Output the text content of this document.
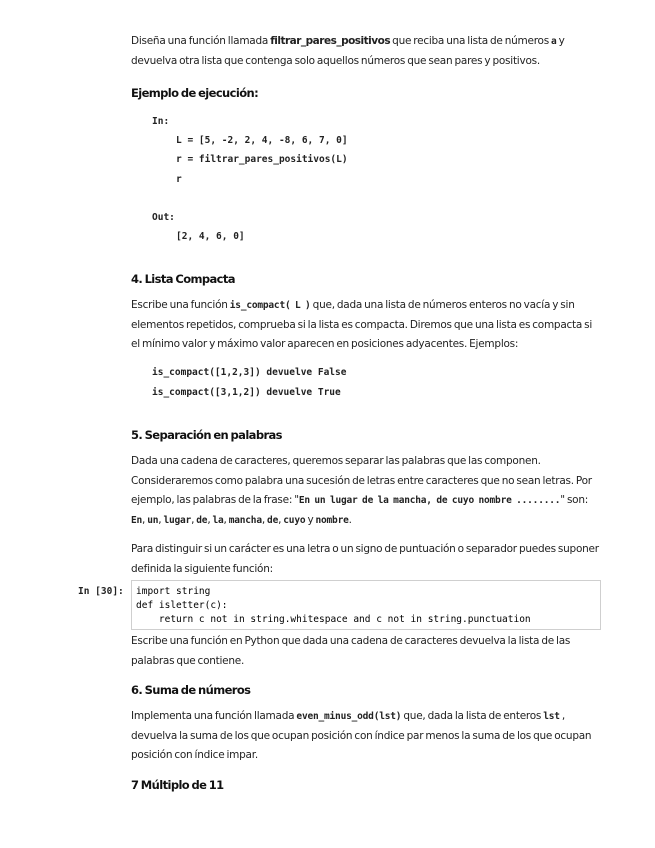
Diseña una función llamada filtrar_pares_positivos que reciba una lista de números a y devuelva otra lista que contenga solo aquellos números que sean pares y positivos.

Ejemplo de ejecución:
In:
L = [5, -2, 2, 4, -8, 6, 7, 0]
r = filtrar_pares_positivos(L)
r
Out:
[2, 4, 6, 0]
4. Lista Compacta

Escribe una función is_compact( L ) que, dada una lista de números enteros no vacía y sin elementos repetidos, comprueba si la lista es compacta. Diremos que una lista es compacta si el mínimo valor y máximo valor aparecen en posiciones adyacentes. Ejemplos:

is_compact([1,2,3]) devuelve False
is_compact([3,1,2]) devuelve True
5. Separación en palabras

Dada una cadena de caracteres, queremos separar las palabras que las componen. Consideraremos como palabra una sucesión de letras entre caracteres que no sean letras. Por ejemplo, las palabras de la frase: "En un lugar de la mancha, de cuyo nombre ........" son: En, un, lugar, de, la, mancha, de, cuyo y nombre.

Para distinguir si un carácter es una letra o un signo de puntuación o separador puedes suponer definida la siguiente función:

In [30]: import string
def isletter(c):
return c not in string.whitespace and c not in string.punctuation

Escribe una función en Python que dada una cadena de caracteres devuelva la lista de las palabras que contiene.

6. Suma de números

Implementa una función llamada even_minus_odd(lst) que, dada la lista de enteros lst , devuelva la suma de los que ocupan posición con índice par menos la suma de los que ocupan posición con índice impar.

7 Múltiplo de 11
